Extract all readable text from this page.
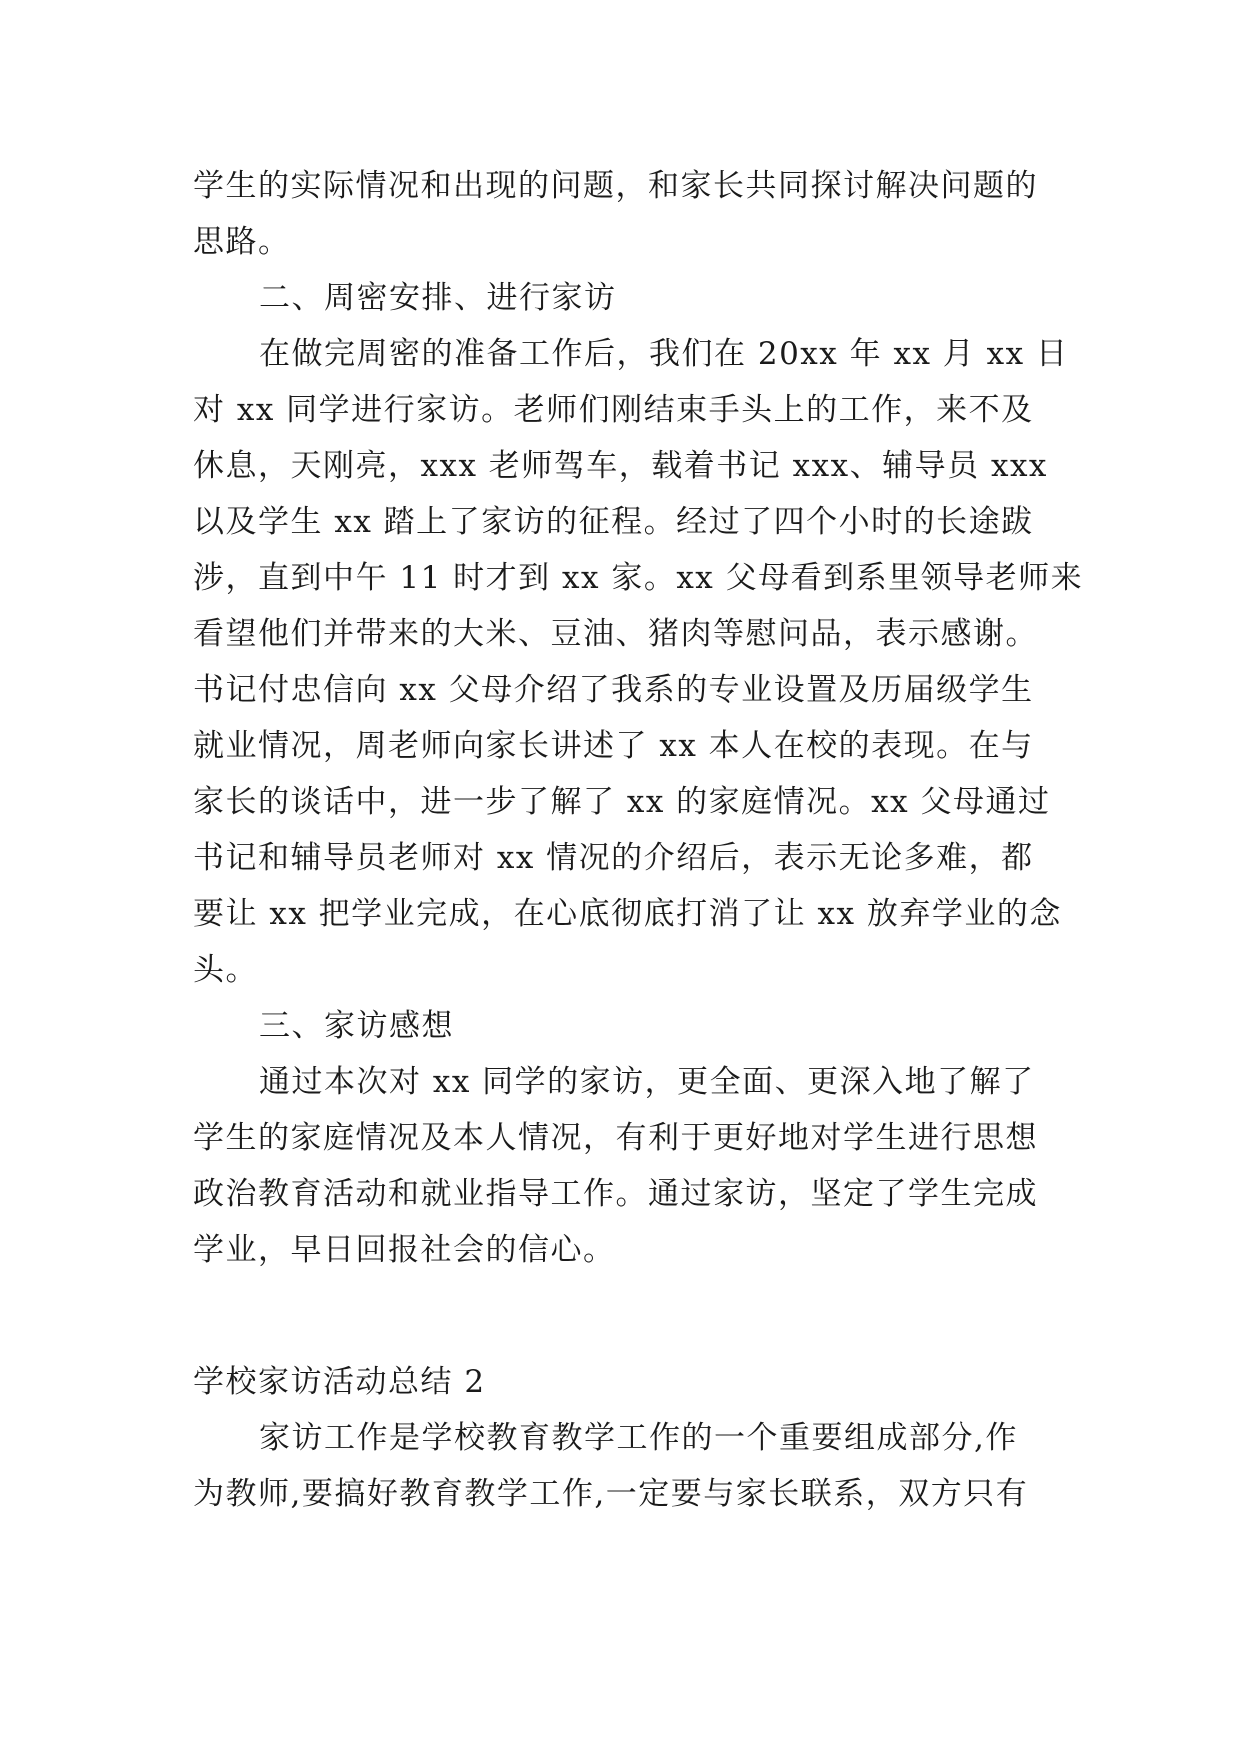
学生的实际情况和出现的问题，和家长共同探讨解决问题的
思路。
二、周密安排、进行家访
在做完周密的准备工作后，我们在 20xx 年 xx 月 xx 日
对 xx 同学进行家访。老师们刚结束手头上的工作，来不及
休息，天刚亮，xxx 老师驾车，载着书记 xxx、辅导员 xxx
以及学生 xx 踏上了家访的征程。经过了四个小时的长途跋
涉，直到中午 11 时才到 xx 家。xx 父母看到系里领导老师来
看望他们并带来的大米、豆油、猪肉等慰问品，表示感谢。
书记付忠信向 xx 父母介绍了我系的专业设置及历届级学生
就业情况，周老师向家长讲述了 xx 本人在校的表现。在与
家长的谈话中，进一步了解了 xx 的家庭情况。xx 父母通过
书记和辅导员老师对 xx 情况的介绍后，表示无论多难，都
要让 xx 把学业完成，在心底彻底打消了让 xx 放弃学业的念
头。
三、家访感想
通过本次对 xx 同学的家访，更全面、更深入地了解了
学生的家庭情况及本人情况，有利于更好地对学生进行思想
政治教育活动和就业指导工作。通过家访，坚定了学生完成
学业，早日回报社会的信心。
学校家访活动总结 2
家访工作是学校教育教学工作的一个重要组成部分,作
为教师,要搞好教育教学工作,一定要与家长联系，双方只有
